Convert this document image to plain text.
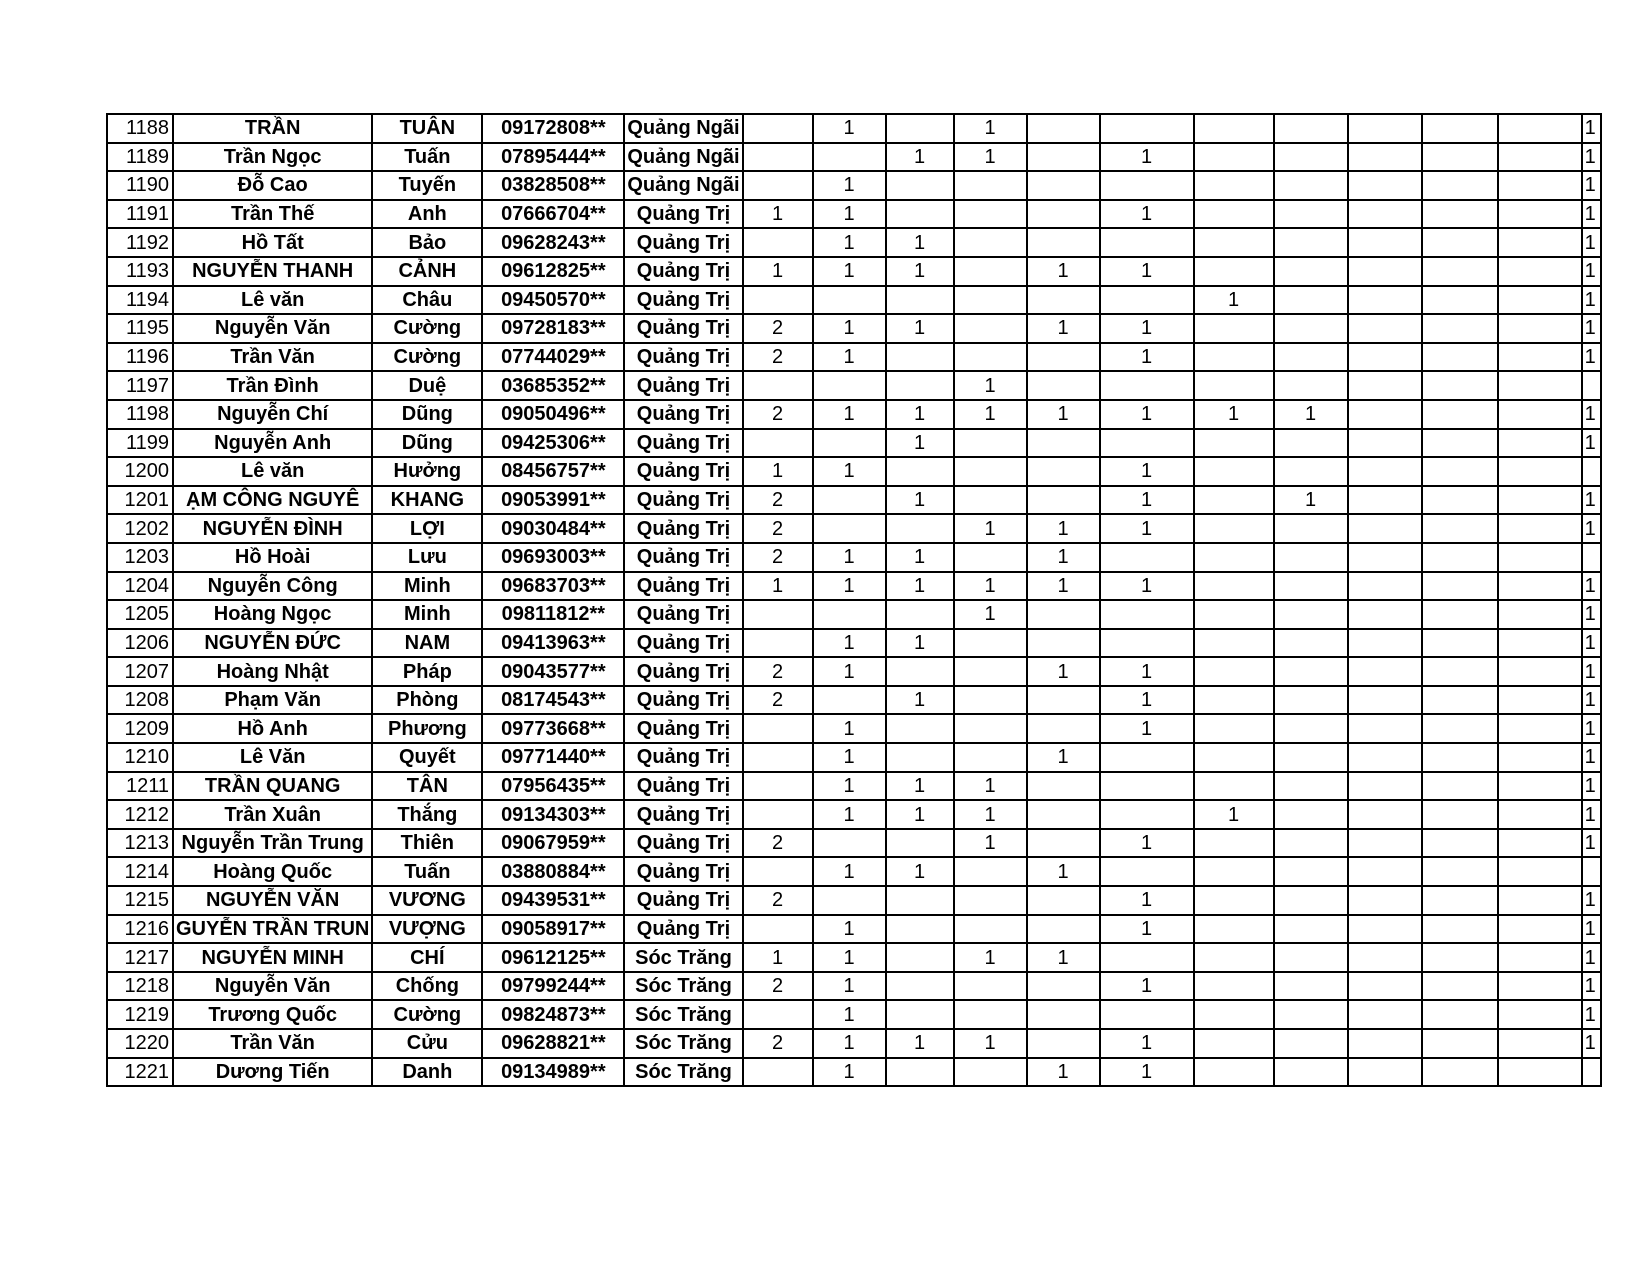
1188	TRẦN	TUÂN	09172808**	Quảng Ngãi		1		1								1
1189	Trần Ngọc	Tuấn	07895444**	Quảng Ngãi			1	1		1						1
1190	Đỗ Cao	Tuyến	03828508**	Quảng Ngãi		1										1
1191	Trần Thế	Anh	07666704**	Quảng Trị	1	1				1						1
1192	Hồ Tất	Bảo	09628243**	Quảng Trị		1	1									1
1193	NGUYỄN THANH	CẢNH	09612825**	Quảng Trị	1	1	1		1	1						1
1194	Lê văn	Châu	09450570**	Quảng Trị							1					1
1195	Nguyễn Văn	Cường	09728183**	Quảng Trị	2	1	1		1	1						1
1196	Trần Văn	Cường	07744029**	Quảng Trị	2	1				1						1
1197	Trần Đình	Duệ	03685352**	Quảng Trị				1								
1198	Nguyễn Chí	Dũng	09050496**	Quảng Trị	2	1	1	1	1	1	1	1				1
1199	Nguyễn Anh	Dũng	09425306**	Quảng Trị			1									1
1200	Lê văn	Hưởng	08456757**	Quảng Trị	1	1				1						
1201	ẠM CÔNG NGUYÊ	KHANG	09053991**	Quảng Trị	2		1			1		1				1
1202	NGUYỄN ĐÌNH	LỢI	09030484**	Quảng Trị	2			1	1	1						1
1203	Hồ Hoài	Lưu	09693003**	Quảng Trị	2	1	1		1							
1204	Nguyễn Công	Minh	09683703**	Quảng Trị	1	1	1	1	1	1						1
1205	Hoàng Ngọc	Minh	09811812**	Quảng Trị				1								1
1206	NGUYỄN ĐỨC	NAM	09413963**	Quảng Trị		1	1									1
1207	Hoàng Nhật	Pháp	09043577**	Quảng Trị	2	1			1	1						1
1208	Phạm Văn	Phòng	08174543**	Quảng Trị	2		1			1						1
1209	Hồ Anh	Phương	09773668**	Quảng Trị		1				1						1
1210	Lê Văn	Quyết	09771440**	Quảng Trị		1			1							1
1211	TRẦN QUANG	TÂN	07956435**	Quảng Trị		1	1	1								1
1212	Trần Xuân	Thắng	09134303**	Quảng Trị		1	1	1			1					1
1213	Nguyễn Trần Trung	Thiên	09067959**	Quảng Trị	2			1		1						1
1214	Hoàng Quốc	Tuấn	03880884**	Quảng Trị		1	1		1							
1215	NGUYỄN VĂN	VƯƠNG	09439531**	Quảng Trị	2					1						1
1216	GUYỄN TRẦN TRUN	VƯỢNG	09058917**	Quảng Trị		1				1						1
1217	NGUYỄN MINH	CHÍ	09612125**	Sóc Trăng	1	1		1	1							1
1218	Nguyễn Văn	Chống	09799244**	Sóc Trăng	2	1				1						1
1219	Trương Quốc	Cường	09824873**	Sóc Trăng		1										1
1220	Trần Văn	Cửu	09628821**	Sóc Trăng	2	1	1	1		1						1
1221	Dương Tiến	Danh	09134989**	Sóc Trăng		1			1	1						
